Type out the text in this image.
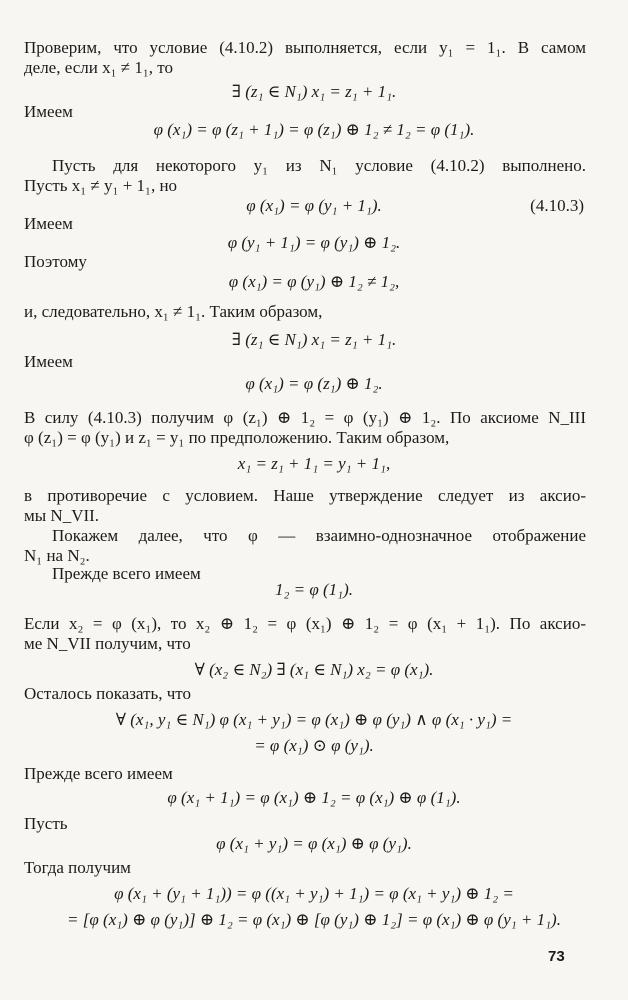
Проверим, что условие (4.10.2) выполняется, если y₁ = 1₁. В самом
деле, если x₁ ≠ 1₁, то
∃ (z₁ ∈ N₁) x₁ = z₁ + 1₁.
Имеем
φ (x₁) = φ (z₁ + 1₁) = φ (z₁) ⊕ 1₂ ≠ 1₂ = φ (1₁).
Пусть для некоторого y₁ из N₁ условие (4.10.2) выполнено.
Пусть x₁ ≠ y₁ + 1₁, но
φ (x₁) = φ (y₁ + 1₁).	(4.10.3)
Имеем
φ (y₁ + 1₁) = φ (y₁) ⊕ 1₂.
Поэтому
φ (x₁) = φ (y₁) ⊕ 1₂ ≠ 1₂,
и, следовательно, x₁ ≠ 1₁. Таким образом,
∃ (z₁ ∈ N₁) x₁ = z₁ + 1₁.
Имеем
φ (x₁) = φ (z₁) ⊕ 1₂.
В силу (4.10.3) получим φ (z₁) ⊕ 1₂ = φ (y₁) ⊕ 1₂. По аксиоме N_III
φ (z₁) = φ (y₁) и z₁ = y₁ по предположению. Таким образом,
x₁ = z₁ + 1₁ = y₁ + 1₁,
в противоречие с условием. Наше утверждение следует из аксио-
мы N_VII.
Покажем далее, что φ — взаимно-однозначное отображение
N₁ на N₂.
Прежде всего имеем
1₂ = φ (1₁).
Если x₂ = φ (x₁), то x₂ ⊕ 1₂ = φ (x₁) ⊕ 1₂ = φ (x₁ + 1₁). По аксио-
ме N_VII получим, что
∀ (x₂ ∈ N₂) ∃ (x₁ ∈ N₁) x₂ = φ (x₁).
Осталось показать, что
∀ (x₁, y₁ ∈ N₁) φ (x₁ + y₁) = φ (x₁) ⊕ φ (y₁) ∧ φ (x₁ · y₁) =
= φ (x₁) ⊙ φ (y₁).
Прежде всего имеем
φ (x₁ + 1₁) = φ (x₁) ⊕ 1₂ = φ (x₁) ⊕ φ (1₁).
Пусть
φ (x₁ + y₁) = φ (x₁) ⊕ φ (y₁).
Тогда получим
φ (x₁ + (y₁ + 1₁)) = φ ((x₁ + y₁) + 1₁) = φ (x₁ + y₁) ⊕ 1₂ =
= [φ (x₁) ⊕ φ (y₁)] ⊕ 1₂ = φ (x₁) ⊕ [φ (y₁) ⊕ 1₂] = φ (x₁) ⊕ φ (y₁ + 1₁).
73
